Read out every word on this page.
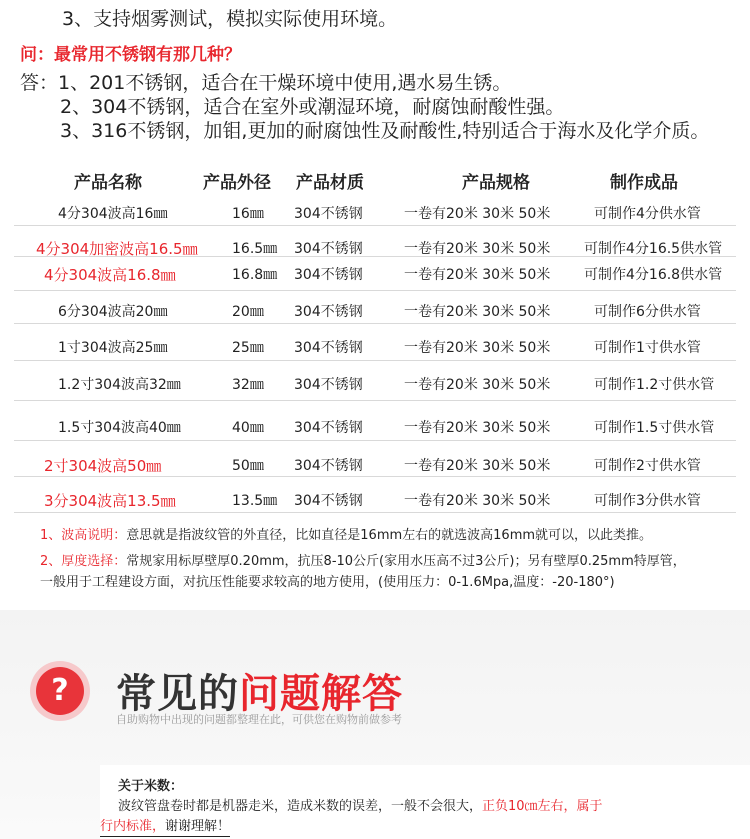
3、支持烟雾测试，模拟实际使用环境。
问：最常用不锈钢有那几种？
答：1、201不锈钢，适合在干燥环境中使用,遇水易生锈。
2、304不锈钢，适合在室外或潮湿环境，耐腐蚀耐酸性强。
3、316不锈钢，加钼,更加的耐腐蚀性及耐酸性,特别适合于海水及化学介质。
产品名称	产品外径 产品材质	产品规格	制作成品
4分304波高16㎜	16㎜ 304不锈钢	一卷有20米 30米 50米	可制作4分供水管
4分304加密波高16.5㎜ 16.5㎜ 304不锈钢	一卷有20米 30米 50米 可制作4分16.5供水管
4分304波高16.8㎜	16.8㎜ 304不锈钢	一卷有20米 30米 50米 可制作4分16.8供水管
6分304波高20㎜	20㎜ 304不锈钢	一卷有20米 30米 50米	可制作6分供水管
1寸304波高25㎜	25㎜ 304不锈钢	一卷有20米 30米 50米	可制作1寸供水管
1.2寸304波高32㎜	32㎜ 304不锈钢	一卷有20米 30米 50米	可制作1.2寸供水管
1.5寸304波高40㎜	40㎜ 304不锈钢	一卷有20米 30米 50米	可制作1.5寸供水管
2寸304波高50㎜	50㎜ 304不锈钢	一卷有20米 30米 50米	可制作2寸供水管
3分304波高13.5㎜	13.5㎜ 304不锈钢	一卷有20米 30米 50米	可制作3分供水管
1、波高说明：意思就是指波纹管的外直径，比如直径是16mm左右的就选波高16mm就可以，以此类推。
2、厚度选择：常规家用标厚壁厚0.20mm，抗压8-10公斤(家用水压高不过3公斤)；另有壁厚0.25mm特厚管，
一般用于工程建设方面，对抗压性能要求较高的地方使用，(使用压力：0-1.6Mpa,温度：-20-180°)
?	常见的问题解答
自助购物中出现的问题都整理在此，可供您在购物前做参考
关于米数：
波纹管盘卷时都是机器走米，造成米数的误差，一般不会很大，正负10㎝左右，属于
行内标准，谢谢理解！
